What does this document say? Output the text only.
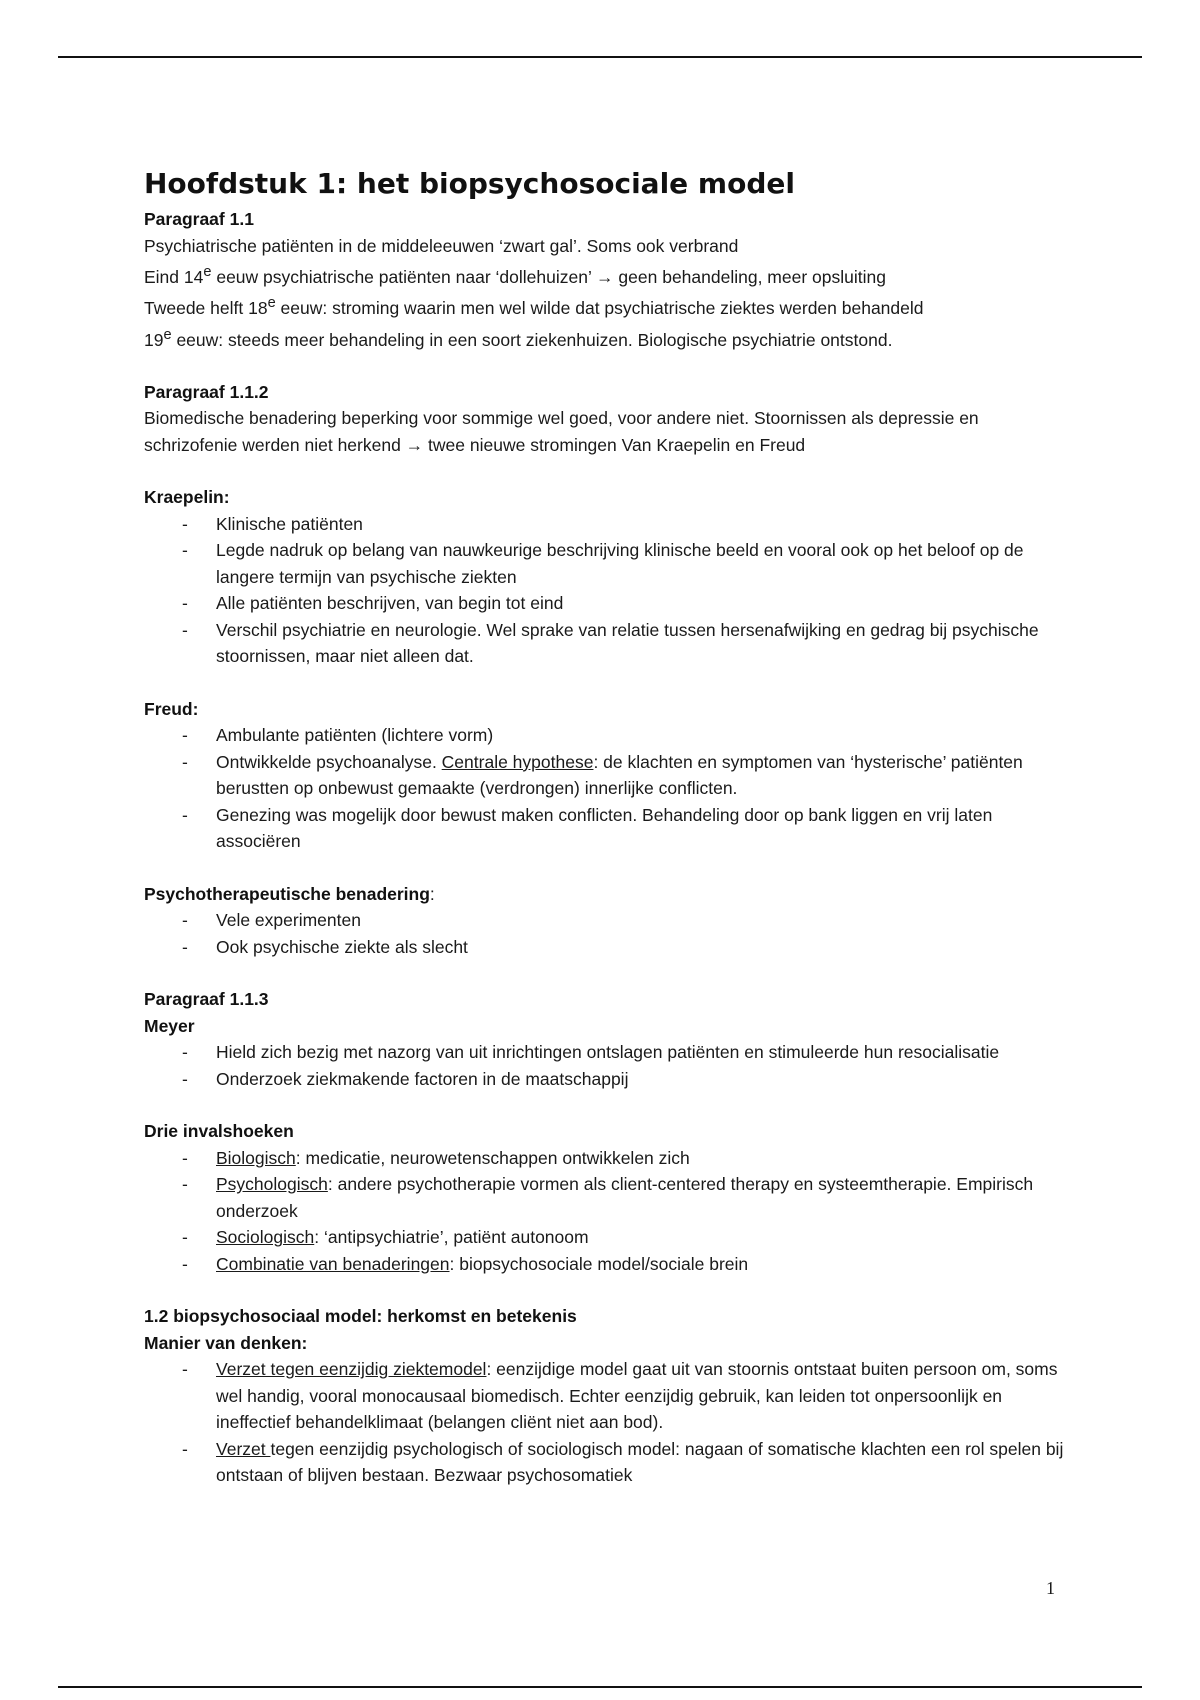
Hoofdstuk 1: het biopsychosociale model

Paragraaf 1.1

Psychiatrische patiënten in de middeleeuwen ‘zwart gal’. Soms ook verbrand

Eind 14e eeuw psychiatrische patiënten naar ‘dollehuizen’ → geen behandeling, meer opsluiting

Tweede helft 18e eeuw: stroming waarin men wel wilde dat psychiatrische ziektes werden behandeld

19e eeuw: steeds meer behandeling in een soort ziekenhuizen. Biologische psychiatrie ontstond.

Paragraaf 1.1.2

Biomedische benadering beperking voor sommige wel goed, voor andere niet. Stoornissen als depressie en schrizofenie werden niet herkend → twee nieuwe stromingen Van Kraepelin en Freud

Kraepelin:

- Klinische patiënten
- Legde nadruk op belang van nauwkeurige beschrijving klinische beeld en vooral ook op het beloof op de langere termijn van psychische ziekten
- Alle patiënten beschrijven, van begin tot eind
- Verschil psychiatrie en neurologie. Wel sprake van relatie tussen hersenafwijking en gedrag bij psychische stoornissen, maar niet alleen dat.

Freud:

- Ambulante patiënten (lichtere vorm)
- Ontwikkelde psychoanalyse. Centrale hypothese: de klachten en symptomen van ‘hysterische’ patiënten berustten op onbewust gemaakte (verdrongen) innerlijke conflicten.
- Genezing was mogelijk door bewust maken conflicten. Behandeling door op bank liggen en vrij laten associëren

Psychotherapeutische benadering:

- Vele experimenten
- Ook psychische ziekte als slecht

Paragraaf 1.1.3

Meyer

- Hield zich bezig met nazorg van uit inrichtingen ontslagen patiënten en stimuleerde hun resocialisatie
- Onderzoek ziekmakende factoren in de maatschappij

Drie invalshoeken

- Biologisch: medicatie, neurowetenschappen ontwikkelen zich
- Psychologisch: andere psychotherapie vormen als client-centered therapy en systeemtherapie. Empirisch onderzoek
- Sociologisch: ‘antipsychiatrie’, patiënt autonoom
- Combinatie van benaderingen: biopsychosociale model/sociale brein

1.2 biopsychosociaal model: herkomst en betekenis

Manier van denken:

- Verzet tegen eenzijdig ziektemodel: eenzijdige model gaat uit van stoornis ontstaat buiten persoon om, soms wel handig, vooral monocausaal biomedisch. Echter eenzijdig gebruik, kan leiden tot onpersoonlijk en ineffectief behandelklimaat (belangen cliënt niet aan bod).
- Verzet tegen eenzijdig psychologisch of sociologisch model: nagaan of somatische klachten een rol spelen bij ontstaan of blijven bestaan. Bezwaar psychosomatiek
1
